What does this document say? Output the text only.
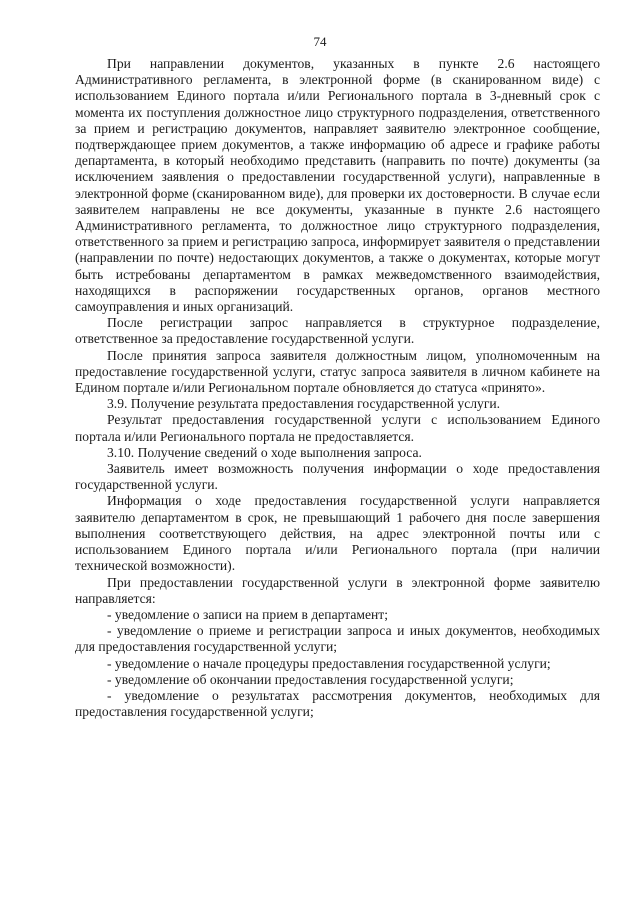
74

При направлении документов, указанных в пункте 2.6 настоящего Административного регламента, в электронной форме (в сканированном виде) с использованием Единого портала и/или Регионального портала в 3-дневный срок с момента их поступления должностное лицо структурного подразделения, ответственного за прием и регистрацию документов, направляет заявителю электронное сообщение, подтверждающее прием документов, а также информацию об адресе и графике работы департамента, в который необходимо представить (направить по почте) документы (за исключением заявления о предоставлении государственной услуги), направленные в электронной форме (сканированном виде), для проверки их достоверности. В случае если заявителем направлены не все документы, указанные в пункте 2.6 настоящего Административного регламента, то должностное лицо структурного подразделения, ответственного за прием и регистрацию запроса, информирует заявителя о представлении (направлении по почте) недостающих документов, а также о документах, которые могут быть истребованы департаментом в рамках межведомственного взаимодействия, находящихся в распоряжении государственных органов, органов местного самоуправления и иных организаций.

После регистрации запрос направляется в структурное подразделение, ответственное за предоставление государственной услуги.

После принятия запроса заявителя должностным лицом, уполномоченным на предоставление государственной услуги, статус запроса заявителя в личном кабинете на Едином портале и/или Региональном портале обновляется до статуса «принято».

3.9. Получение результата предоставления государственной услуги.

Результат предоставления государственной услуги с использованием Единого портала и/или Регионального портала не предоставляется.

3.10. Получение сведений о ходе выполнения запроса.

Заявитель имеет возможность получения информации о ходе предоставления государственной услуги.

Информация о ходе предоставления государственной услуги направляется заявителю департаментом в срок, не превышающий 1 рабочего дня после завершения выполнения соответствующего действия, на адрес электронной почты или с использованием Единого портала и/или Регионального портала (при наличии технической возможности).

При предоставлении государственной услуги в электронной форме заявителю направляется:

- уведомление о записи на прием в департамент;

- уведомление о приеме и регистрации запроса и иных документов, необходимых для предоставления государственной услуги;

- уведомление о начале процедуры предоставления государственной услуги;

- уведомление об окончании предоставления государственной услуги;

- уведомление о результатах рассмотрения документов, необходимых для предоставления государственной услуги;
